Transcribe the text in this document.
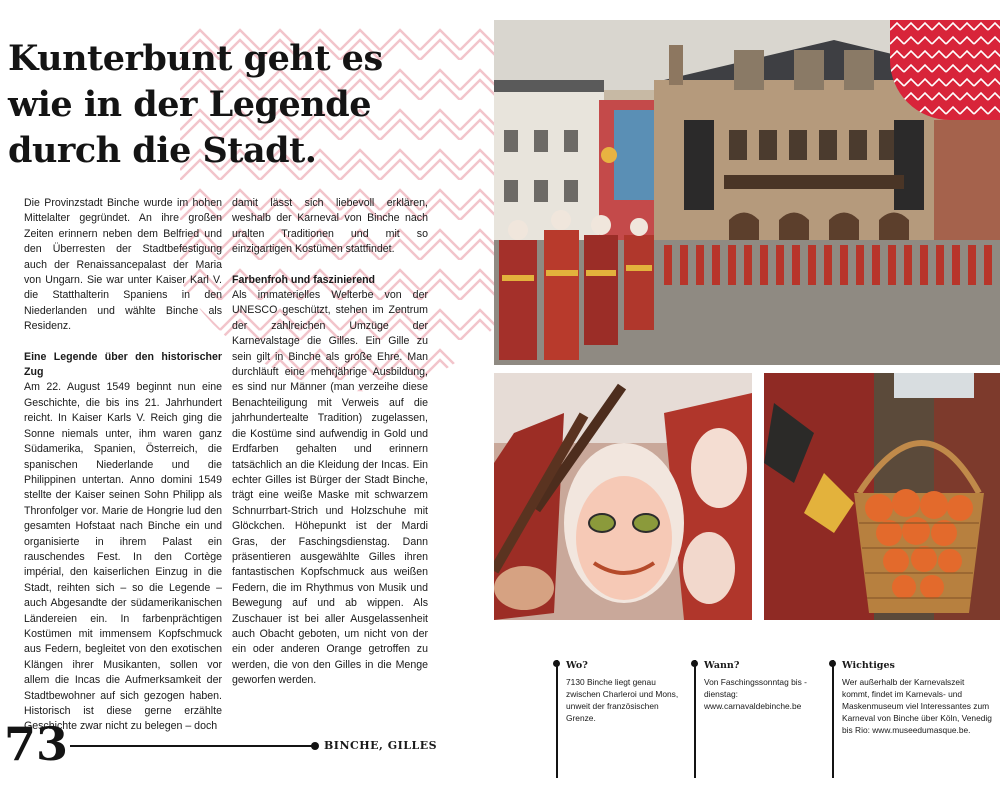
Kunterbunt geht es
wie in der Legende
durch die Stadt.

Die Provinzstadt Binche wurde im hohen Mittelalter gegründet. An ihre großen Zeiten erinnern neben dem Belfried und den Überresten der Stadtbefestigung auch der Renaissancepalast der Maria von Ungarn. Sie war unter Kaiser Karl V. die Statthalterin Spaniens in den Niederlanden und wählte Binche als Residenz.

Eine Legende über den historischer Zug

Am 22. August 1549 beginnt nun eine Geschichte, die bis ins 21. Jahrhundert reicht. In Kaiser Karls V. Reich ging die Sonne niemals unter, ihm waren ganz Südamerika, Spanien, Österreich, die spanischen Niederlande und die Philippinen untertan. Anno domini 1549 stellte der Kaiser seinen Sohn Philipp als Thronfolger vor. Marie de Hongrie lud den gesamten Hofstaat nach Binche ein und organisierte in ihrem Palast ein rauschendes Fest. In den Cortège impérial, den kaiserlichen Einzug in die Stadt, reihten sich – so die Legende – auch Abgesandte der südamerikanischen Ländereien ein. In farbenprächtigen Kostümen mit immensem Kopfschmuck aus Federn, begleitet von den exotischen Klängen ihrer Musikanten, sollen vor allem die Incas die Aufmerksamkeit der Stadtbewohner auf sich gezogen haben. Historisch ist diese gerne erzählte Geschichte zwar nicht zu belegen – doch

damit lässt sich liebevoll erklären, weshalb der Karneval von Binche nach uralten Traditionen und mit so einzigartigen Kostümen stattfindet.

Farbenfroh und faszinierend

Als immaterielles Welterbe von der UNESCO geschützt, stehen im Zentrum der zahlreichen Umzüge der Karnevalstage die Gilles. Ein Gille zu sein gilt in Binche als große Ehre. Man durchläuft eine mehrjährige Ausbildung, es sind nur Männer (man verzeihe diese Benachteiligung mit Verweis auf die jahrhundertealte Tradition) zugelassen, die Kostüme sind aufwendig in Gold und Erdfarben gehalten und erinnern tatsächlich an die Kleidung der Incas. Ein echter Gilles ist Bürger der Stadt Binche, trägt eine weiße Maske mit schwarzem Schnurrbart-Strich und Holzschuhe mit Glöckchen. Höhepunkt ist der Mardi Gras, der Faschingsdienstag. Dann präsentieren ausgewählte Gilles ihren fantastischen Kopfschmuck aus weißen Federn, die im Rhythmus von Musik und Bewegung auf und ab wippen. Als Zuschauer ist bei aller Ausgelassenheit auch Obacht geboten, um nicht von der ein oder anderen Orange getroffen zu werden, die von den Gilles in die Menge geworfen werden.

73	BINCHE, GILLES
Wo?

7130 Binche liegt genau zwischen Charleroi und Mons, unweit der französischen Grenze.

Wann?

Von Faschingssonntag bis -dienstag: www.carnavaldebinche.be

Wichtiges

Wer außerhalb der Karnevalszeit kommt, findet im Karnevals- und Maskenmuseum viel Interessantes zum Karneval von Binche über Köln, Venedig bis Rio: www.museedumasque.be.
